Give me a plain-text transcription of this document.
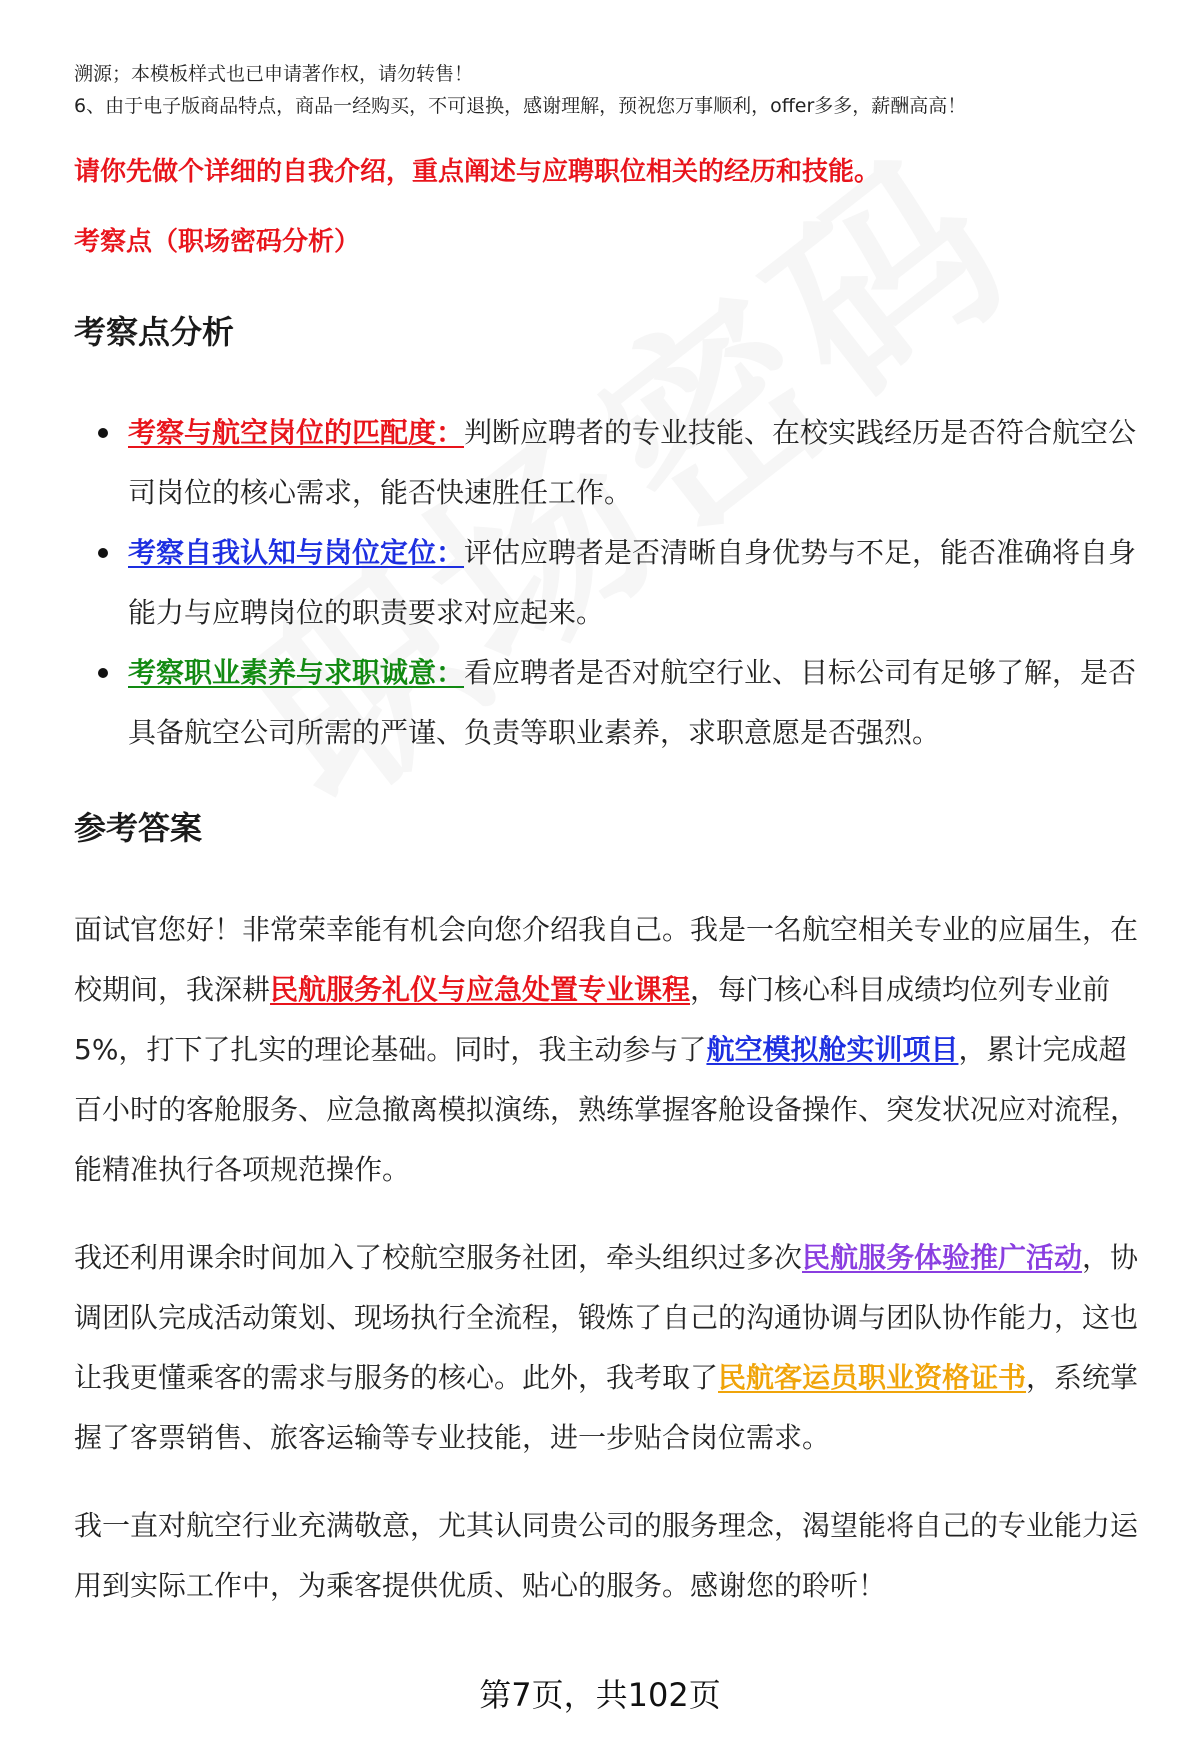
溯源；本模板样式也已申请著作权，请勿转售！

6、由于电子版商品特点，商品一经购买，不可退换，感谢理解，预祝您万事顺利，offer多多，薪酬高高！

请你先做个详细的自我介绍，重点阐述与应聘职位相关的经历和技能。
考察点（职场密码分析）
考察点分析
考察与航空岗位的匹配度：判断应聘者的专业技能、在校实践经历是否符合航空公司岗位的核心需求，能否快速胜任工作。
考察自我认知与岗位定位：评估应聘者是否清晰自身优势与不足，能否准确将自身能力与应聘岗位的职责要求对应起来。
考察职业素养与求职诚意：看应聘者是否对航空行业、目标公司有足够了解，是否具备航空公司所需的严谨、负责等职业素养，求职意愿是否强烈。
参考答案

面试官您好！非常荣幸能有机会向您介绍我自己。我是一名航空相关专业的应届生，在校期间，我深耕民航服务礼仪与应急处置专业课程，每门核心科目成绩均位列专业前5%，打下了扎实的理论基础。同时，我主动参与了航空模拟舱实训项目，累计完成超百小时的客舱服务、应急撤离模拟演练，熟练掌握客舱设备操作、突发状况应对流程，能精准执行各项规范操作。

我还利用课余时间加入了校航空服务社团，牵头组织过多次民航服务体验推广活动，协调团队完成活动策划、现场执行全流程，锻炼了自己的沟通协调与团队协作能力，这也让我更懂乘客的需求与服务的核心。此外，我考取了民航客运员职业资格证书，系统掌握了客票销售、旅客运输等专业技能，进一步贴合岗位需求。

我一直对航空行业充满敬意，尤其认同贵公司的服务理念，渴望能将自己的专业能力运用到实际工作中，为乘客提供优质、贴心的服务。感谢您的聆听！

第7页，共102页
